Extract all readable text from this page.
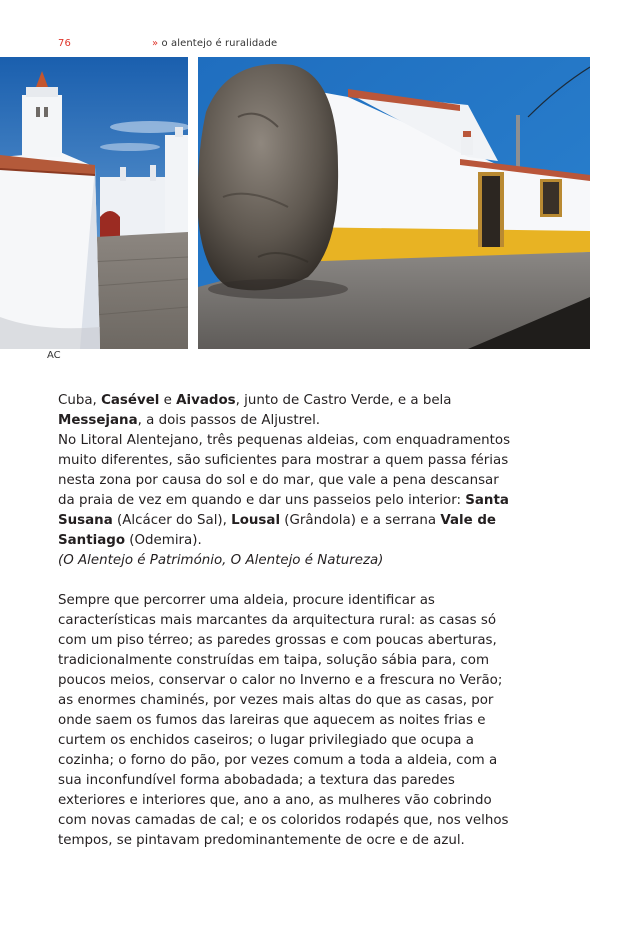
76	» o alentejo é ruralidade
AC

Cuba, Casével e Aivados, junto de Castro Verde, e a bela Messejana, a dois passos de Aljustrel.

No Litoral Alentejano, três pequenas aldeias, com enquadramentos muito diferentes, são suficientes para mostrar a quem passa férias nesta zona por causa do sol e do mar, que vale a pena descansar da praia de vez em quando e dar uns passeios pelo interior: Santa Susana (Alcácer do Sal), Lousal (Grândola) e a serrana Vale de Santiago (Odemira).

(O Alentejo é Património, O Alentejo é Natureza)

Sempre que percorrer uma aldeia, procure identificar as características mais marcantes da arquitectura rural: as casas só com um piso térreo; as paredes grossas e com poucas aberturas, tradicionalmente construídas em taipa, solução sábia para, com poucos meios, conservar o calor no Inverno e a frescura no Verão; as enormes chaminés, por vezes mais altas do que as casas, por onde saem os fumos das lareiras que aquecem as noites frias e curtem os enchidos caseiros; o lugar privilegiado que ocupa a cozinha; o forno do pão, por vezes comum a toda a aldeia, com a sua inconfundível forma abobadada; a textura das paredes exteriores e interiores que, ano a ano, as mulheres vão cobrindo com novas camadas de cal; e os coloridos rodapés que, nos velhos tempos, se pintavam predominantemente de ocre e de azul.
